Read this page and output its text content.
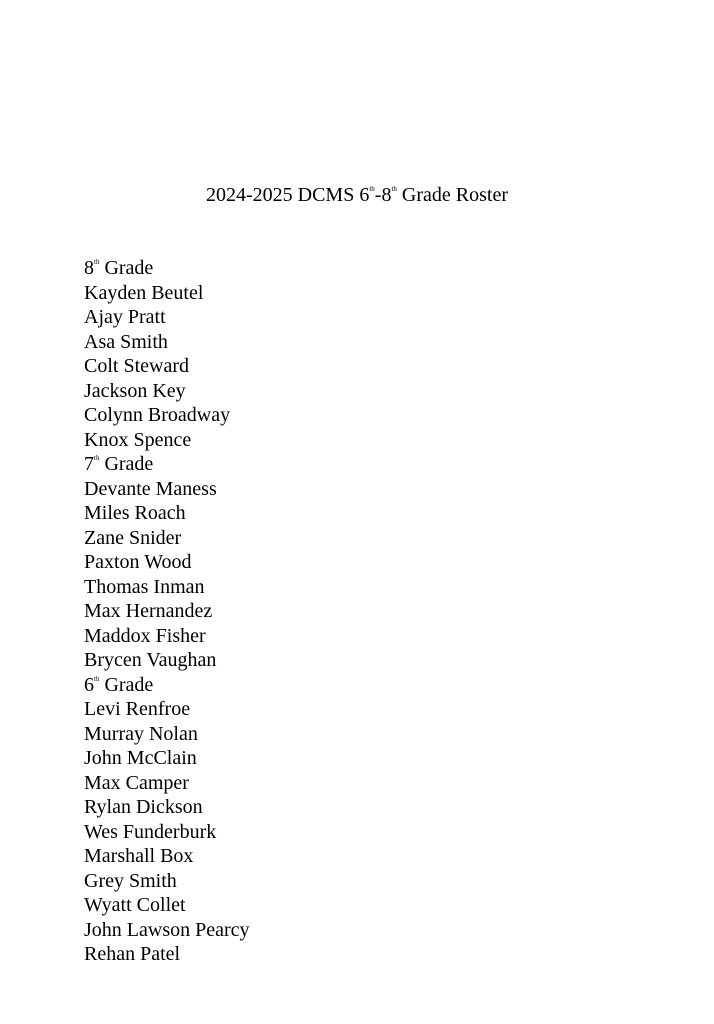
2024-2025 DCMS 6th-8th Grade Roster
8th Grade
Kayden Beutel
Ajay Pratt
Asa Smith
Colt Steward
Jackson Key
Colynn Broadway
Knox Spence
7th Grade
Devante Maness
Miles Roach
Zane Snider
Paxton Wood
Thomas Inman
Max Hernandez
Maddox Fisher
Brycen Vaughan
6th Grade
Levi Renfroe
Murray Nolan
John McClain
Max Camper
Rylan Dickson
Wes Funderburk
Marshall Box
Grey Smith
Wyatt Collet
John Lawson Pearcy
Rehan Patel
